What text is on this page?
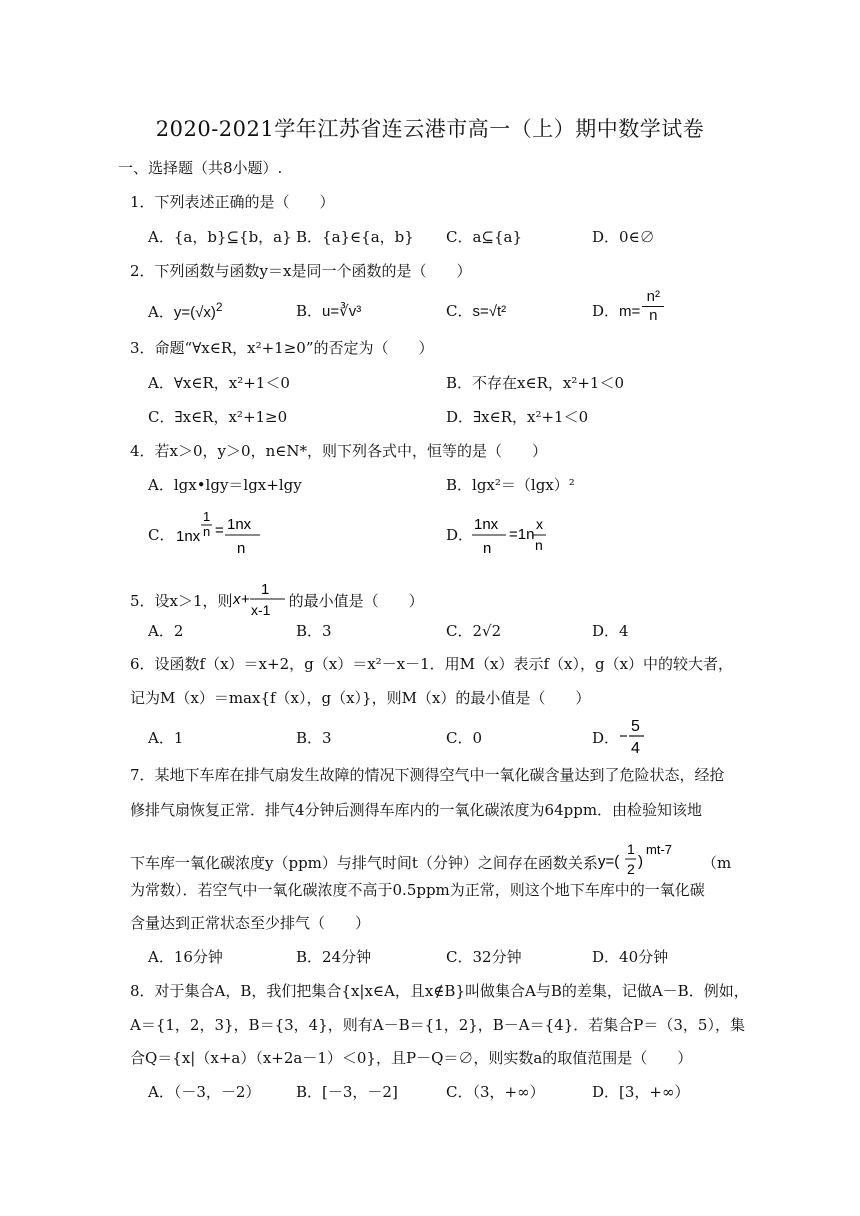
2020-2021学年江苏省连云港市高一（上）期中数学试卷
一、选择题（共8小题）.
1．下列表述正确的是（　　）
A．{a，b}⊆{b，a} B．{a}∈{a，b} C．a⊆{a}	D．0∈∅
2．下列函数与函数y＝x是同一个函数的是（　　）
A．$y=(√x)^2$	B．u=∛v³	C．s=√t²	D．$m= \frac{\text{n²}}{n}$
3．命题“∀x∈R，x²+1≥0”的否定为（　　）
A．∀x∈R，x²+1＜0	B．不存在x∈R，x²+1＜0
C．∃x∈R，x²+1≥0	D．∃x∈R，x²+1＜0
4．若x＞0，y＞0，n∈N*，则下列各式中，恒等的是（　　）
A．lgx•lgy＝lgx+lgy	B．lgx²＝（lgx）²
C． 1nx
1
n = 1nx
n
D．
1nx
n
=1n
x
n
5．设x＞1，则 x +
1
x-1 的最小值是（　　）
A．2	B．3	C．2√2	D．4
6．设函数f（x）＝x+2，g（x）＝x²－x－1．用M（x）表示f（x），g（x）中的较大者，
记为M（x）＝max{f（x），g（x）}，则M（x）的最小值是（　　）
A．1	B．3	C．0	D．
5
4
7．某地下车库在排气扇发生故障的情况下测得空气中一氧化碳含量达到了危险状态，经抢
修排气扇恢复正常．排气4分钟后测得车库内的一氧化碳浓度为64ppm．由检验知该地
下车库一氧化碳浓度y（ppm）与排气时间t（分钟）之间存在函数关系 y=(
1
2 )
mt-7
（m
为常数）．若空气中一氧化碳浓度不高于0.5ppm为正常，则这个地下车库中的一氧化碳
含量达到正常状态至少排气（　　）
A．16分钟	B．24分钟	C．32分钟	D．40分钟
8．对于集合A，B，我们把集合{x|x∈A，且x∉B}叫做集合A与B的差集，记做A－B．例如，
A＝{1，2，3}，B＝{3，4}，则有A－B＝{1，2}，B－A＝{4}．若集合P＝（3，5），集
合Q＝{x|（x+a）（x+2a－1）＜0}，且P－Q＝∅，则实数a的取值范围是（　　）
A．（－3，－2） B．[－3，－2]	C．（3，+∞）	D．[3，+∞）
